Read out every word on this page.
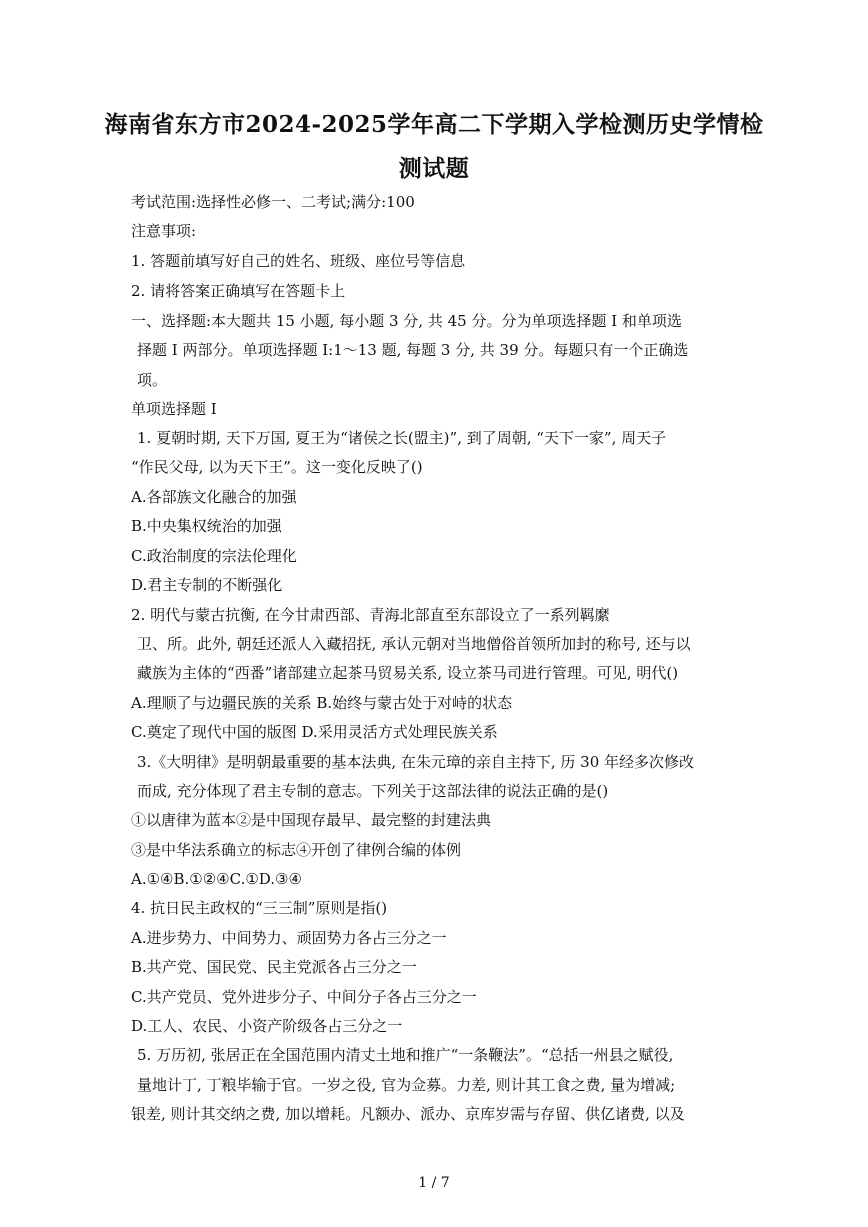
海南省东方市2024-2025学年高二下学期入学检测历史学情检
测试题
考试范围:选择性必修一、二考试;满分:100
注意事项:
1. 答题前填写好自己的姓名、班级、座位号等信息
2. 请将答案正确填写在答题卡上
一、选择题:本大题共 15 小题, 每小题 3 分, 共 45 分。分为单项选择题 I 和单项选
择题 I 两部分。单项选择题 I:1～13 题, 每题 3 分, 共 39 分。每题只有一个正确选
项。
单项选择题 I
1. 夏朝时期, 天下万国, 夏王为“诸侯之长(盟主)”, 到了周朝, “天下一家”, 周天子
“作民父母, 以为天下王”。这一变化反映了()
A.各部族文化融合的加强
B.中央集权统治的加强
C.政治制度的宗法伦理化
D.君主专制的不断强化
2. 明代与蒙古抗衡, 在今甘肃西部、青海北部直至东部设立了一系列羁縻
卫、所。此外, 朝廷还派人入藏招抚, 承认元朝对当地僧俗首领所加封的称号, 还与以
藏族为主体的“西番”诸部建立起茶马贸易关系, 设立茶马司进行管理。可见, 明代()
A.理顺了与边疆民族的关系 B.始终与蒙古处于对峙的状态
C.奠定了现代中国的版图 D.采用灵活方式处理民族关系
3.《大明律》是明朝最重要的基本法典, 在朱元璋的亲自主持下, 历 30 年经多次修改
而成, 充分体现了君主专制的意志。下列关于这部法律的说法正确的是()
①以唐律为蓝本②是中国现存最早、最完整的封建法典
③是中华法系确立的标志④开创了律例合编的体例
A.①④B.①②④C.①D.③④
4. 抗日民主政权的“三三制”原则是指()
A.进步势力、中间势力、顽固势力各占三分之一
B.共产党、国民党、民主党派各占三分之一
C.共产党员、党外进步分子、中间分子各占三分之一
D.工人、农民、小资产阶级各占三分之一
5. 万历初, 张居正在全国范围内清丈土地和推广“一条鞭法”。“总括一州县之赋役,
量地计丁, 丁粮毕输于官。一岁之役, 官为佥募。力差, 则计其工食之费, 量为增减;
银差, 则计其交纳之费, 加以增耗。凡额办、派办、京库岁需与存留、供亿诸费, 以及
1 / 7
